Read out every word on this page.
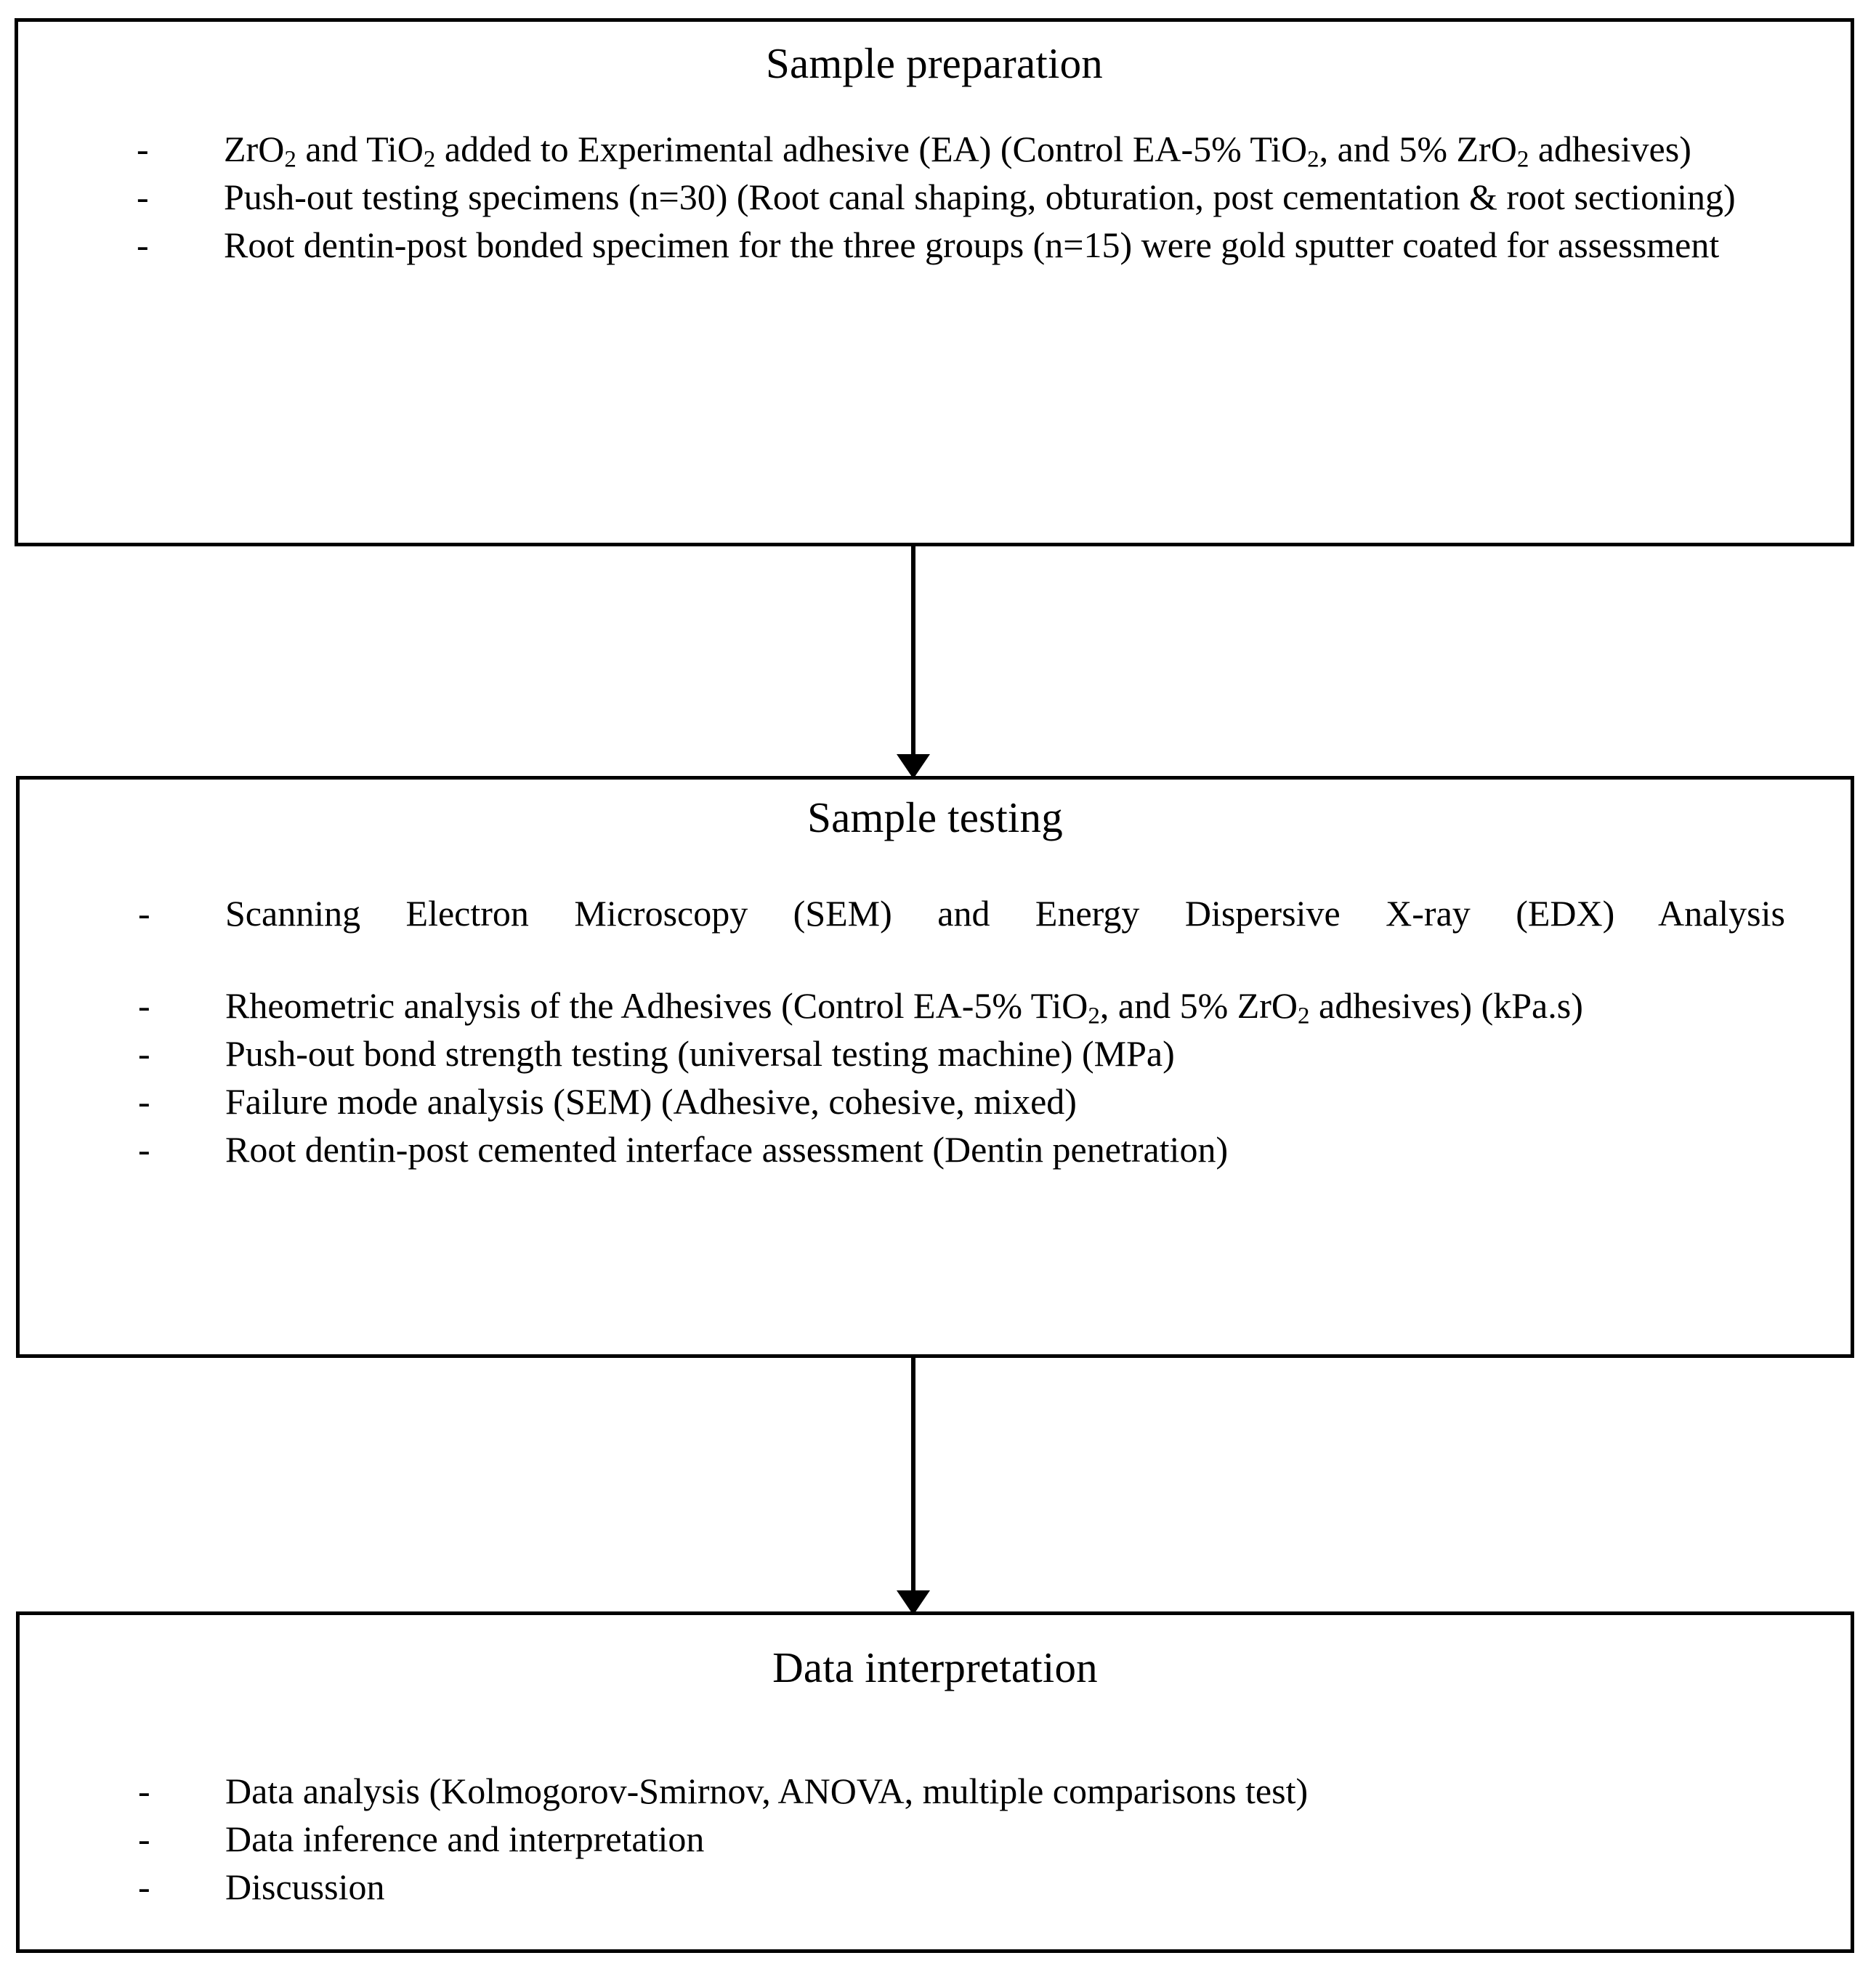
Sample preparation
-	ZrO$_2$ and TiO$_2$ added to Experimental adhesive (EA) (Control EA-5% TiO$_2$, and 5% ZrO$_2$ adhesives)
-	Push-out testing specimens (n=30) (Root canal shaping, obturation, post cementation & root sectioning)
-	Root dentin-post bonded specimen for the three groups (n=15) were gold sputter coated for assessment
Sample testing
-	Scanning Electron Microscopy (SEM) and Energy Dispersive X-ray (EDX) Analysis
-	Rheometric analysis of the Adhesives (Control EA-5% TiO$_2$, and 5% ZrO$_2$ adhesives) (kPa.s)
-	Push-out bond strength testing (universal testing machine) (MPa)
-	Failure mode analysis (SEM) (Adhesive, cohesive, mixed)
-	Root dentin-post cemented interface assessment (Dentin penetration)
Data interpretation
-	Data analysis (Kolmogorov-Smirnov, ANOVA, multiple comparisons test)
-	Data inference and interpretation
-	Discussion
